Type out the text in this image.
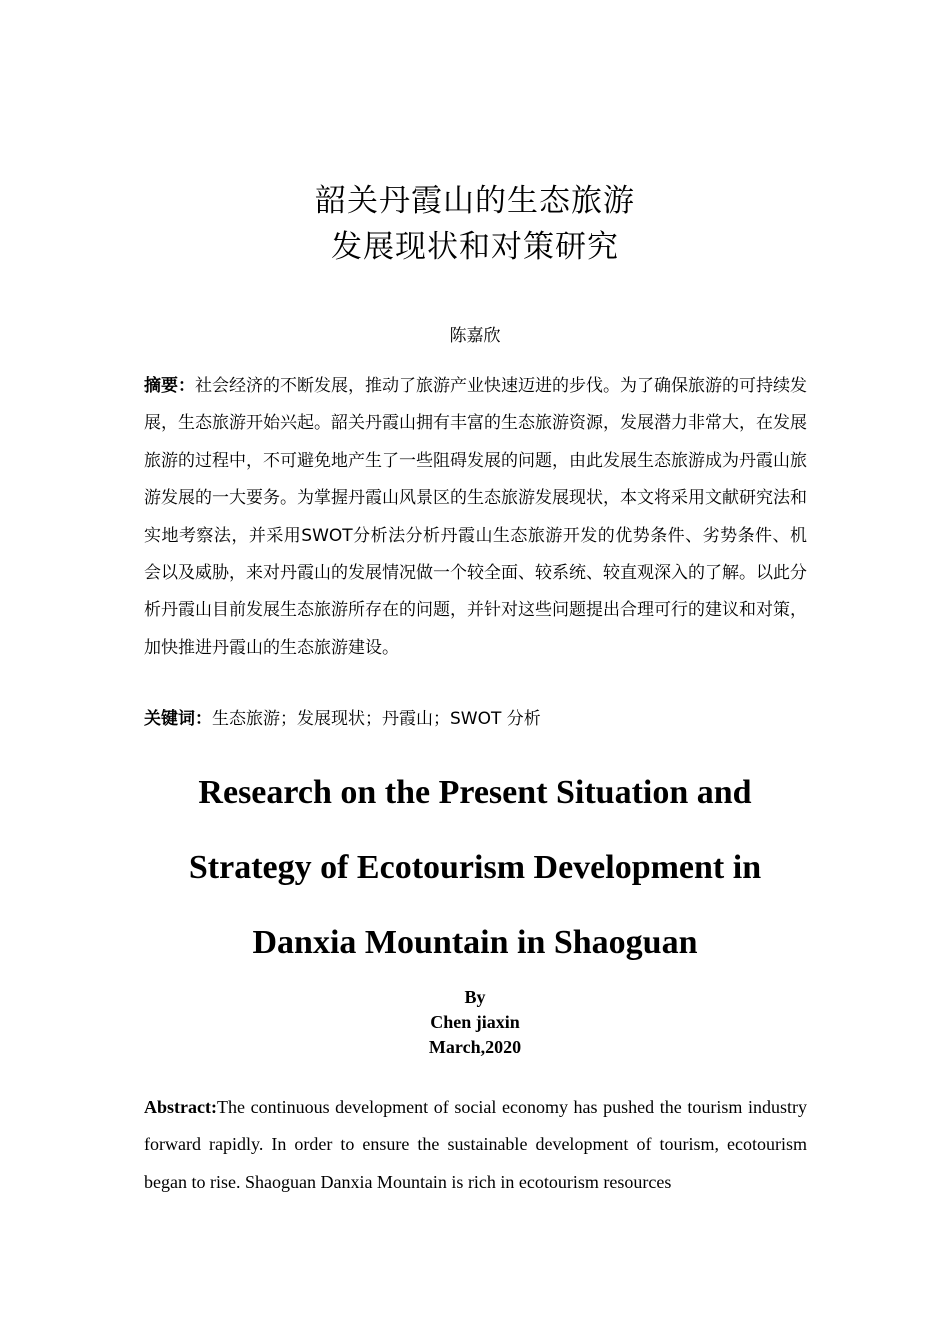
韶关丹霞山的生态旅游
发展现状和对策研究
陈嘉欣

摘要：社会经济的不断发展，推动了旅游产业快速迈进的步伐。为了确保旅游的可持续发展，生态旅游开始兴起。韶关丹霞山拥有丰富的生态旅游资源，发展潜力非常大，在发展旅游的过程中，不可避免地产生了一些阻碍发展的问题，由此发展生态旅游成为丹霞山旅游发展的一大要务。为掌握丹霞山风景区的生态旅游发展现状，本文将采用文献研究法和实地考察法，并采用SWOT分析法分析丹霞山生态旅游开发的优势条件、劣势条件、机会以及威胁，来对丹霞山的发展情况做一个较全面、较系统、较直观深入的了解。以此分析丹霞山目前发展生态旅游所存在的问题，并针对这些问题提出合理可行的建议和对策，加快推进丹霞山的生态旅游建设。

关键词：生态旅游；发展现状；丹霞山；SWOT 分析

Research on the Present Situation and
Strategy of Ecotourism Development in
Danxia Mountain in Shaoguan
By
Chen jiaxin
March,2020

Abstract:The continuous development of social economy has pushed the tourism industry forward rapidly. In order to ensure the sustainable development of tourism, ecotourism began to rise. Shaoguan Danxia Mountain is rich in ecotourism resources
